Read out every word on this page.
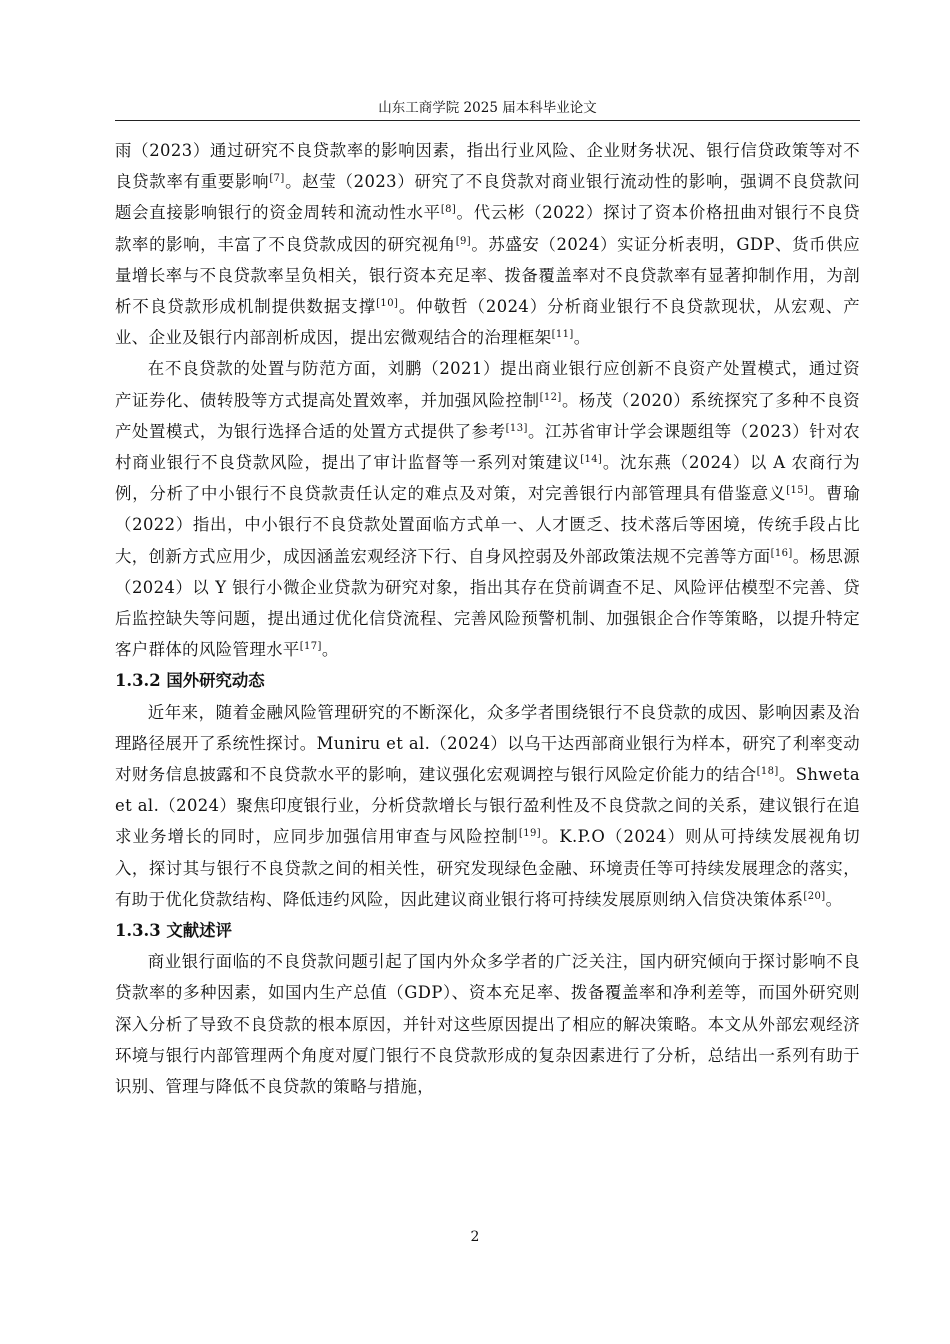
山东工商学院 2025 届本科毕业论文

雨（2023）通过研究不良贷款率的影响因素，指出行业风险、企业财务状况、银行信贷政策等对不良贷款率有重要影响[7]。赵莹（2023）研究了不良贷款对商业银行流动性的影响，强调不良贷款问题会直接影响银行的资金周转和流动性水平[8]。代云彬（2022）探讨了资本价格扭曲对银行不良贷款率的影响，丰富了不良贷款成因的研究视角[9]。苏盛安（2024）实证分析表明，GDP、货币供应量增长率与不良贷款率呈负相关，银行资本充足率、拨备覆盖率对不良贷款率有显著抑制作用，为剖析不良贷款形成机制提供数据支撑[10]。仲敬哲（2024）分析商业银行不良贷款现状，从宏观、产业、企业及银行内部剖析成因，提出宏微观结合的治理框架[11]。

在不良贷款的处置与防范方面，刘鹏（2021）提出商业银行应创新不良资产处置模式，通过资产证券化、债转股等方式提高处置效率，并加强风险控制[12]。杨茂（2020）系统探究了多种不良资产处置模式，为银行选择合适的处置方式提供了参考[13]。江苏省审计学会课题组等（2023）针对农村商业银行不良贷款风险，提出了审计监督等一系列对策建议[14]。沈东燕（2024）以 A 农商行为例，分析了中小银行不良贷款责任认定的难点及对策，对完善银行内部管理具有借鉴意义[15]。曹瑜（2022）指出，中小银行不良贷款处置面临方式单一、人才匮乏、技术落后等困境，传统手段占比大，创新方式应用少，成因涵盖宏观经济下行、自身风控弱及外部政策法规不完善等方面[16]。杨思源（2024）以 Y 银行小微企业贷款为研究对象，指出其存在贷前调查不足、风险评估模型不完善、贷后监控缺失等问题，提出通过优化信贷流程、完善风险预警机制、加强银企合作等策略，以提升特定客户群体的风险管理水平[17]。

1.3.2 国外研究动态

近年来，随着金融风险管理研究的不断深化，众多学者围绕银行不良贷款的成因、影响因素及治理路径展开了系统性探讨。Muniru et al.（2024）以乌干达西部商业银行为样本，研究了利率变动对财务信息披露和不良贷款水平的影响，建议强化宏观调控与银行风险定价能力的结合[18]。Shweta et al.（2024）聚焦印度银行业，分析贷款增长与银行盈利性及不良贷款之间的关系，建议银行在追求业务增长的同时，应同步加强信用审查与风险控制[19]。K.P.O（2024）则从可持续发展视角切入，探讨其与银行不良贷款之间的相关性，研究发现绿色金融、环境责任等可持续发展理念的落实，有助于优化贷款结构、降低违约风险，因此建议商业银行将可持续发展原则纳入信贷决策体系[20]。

1.3.3 文献述评

商业银行面临的不良贷款问题引起了国内外众多学者的广泛关注，国内研究倾向于探讨影响不良贷款率的多种因素，如国内生产总值（GDP）、资本充足率、拨备覆盖率和净利差等，而国外研究则深入分析了导致不良贷款的根本原因，并针对这些原因提出了相应的解决策略。本文从外部宏观经济环境与银行内部管理两个角度对厦门银行不良贷款形成的复杂因素进行了分析，总结出一系列有助于识别、管理与降低不良贷款的策略与措施，

2
